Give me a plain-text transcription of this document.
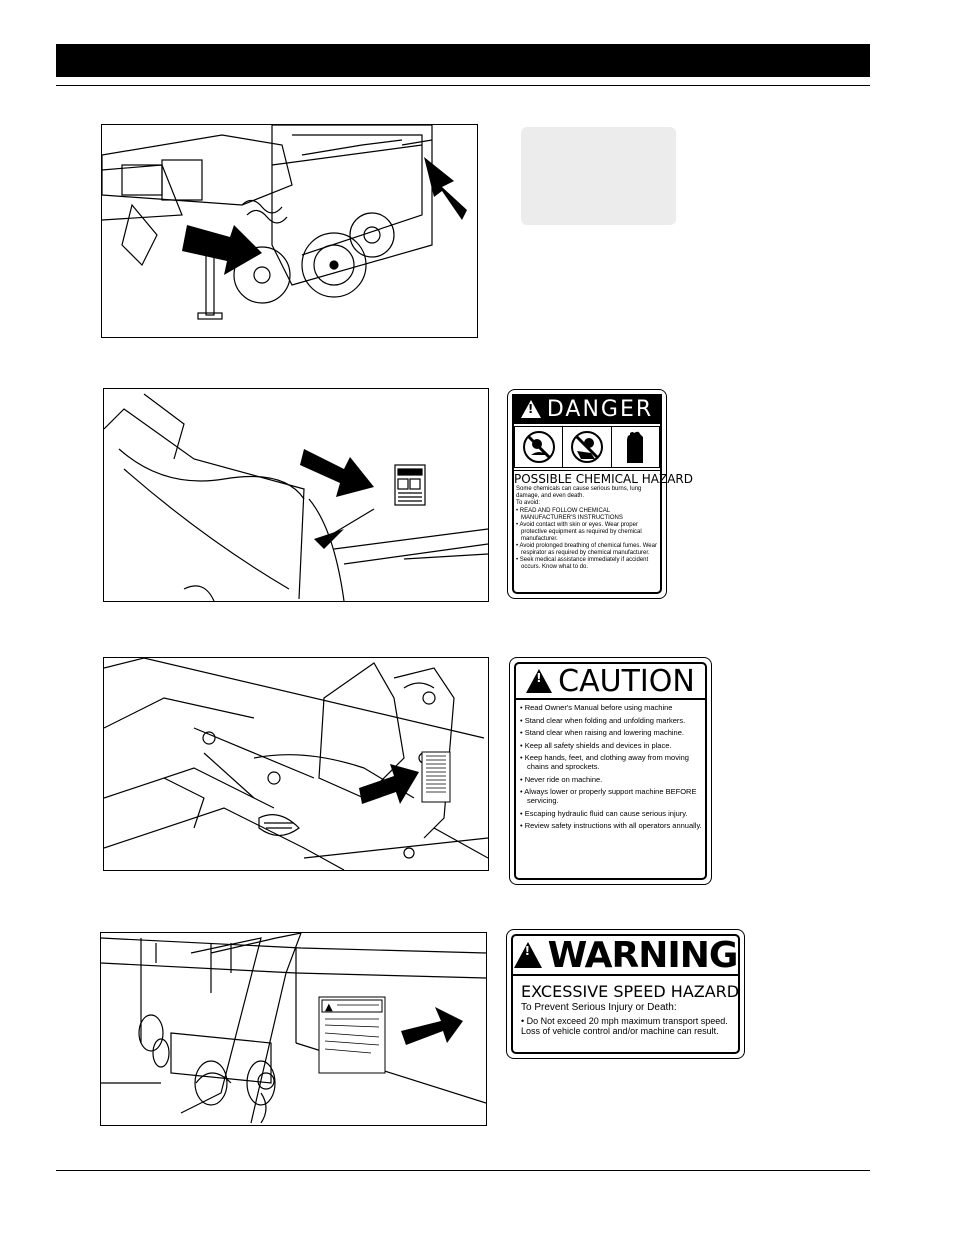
!
DANGER
POSSIBLE CHEMICAL HAZARD

Some chemicals can cause serious burns, lung damage, and even death.

To avoid:

• READ AND FOLLOW CHEMICAL MANUFACTURER'S INSTRUCTIONS
• Avoid contact with skin or eyes. Wear proper protective equipment as required by chemical manufacturer.
• Avoid prolonged breathing of chemical fumes. Wear respirator as required by chemical manufacturer.
• Seek medical assistance immediately if accident occurs. Know what to do.
!
CAUTION
• Read Owner's Manual before using machine
• Stand clear when folding and unfolding markers.
• Stand clear when raising and lowering machine.
• Keep all safety shields and devices in place.
• Keep hands, feet, and clothing away from moving chains and sprockets.
• Never ride on machine.
• Always lower or properly support machine BEFORE servicing.
• Escaping hydraulic fluid can cause serious injury.
• Review safety instructions with all operators annually.
▲
!
WARNING
EXCESSIVE SPEED HAZARD
To Prevent Serious Injury or Death:
• Do Not exceed 20 mph maximum transport speed. Loss of vehicle control and/or machine can result.
